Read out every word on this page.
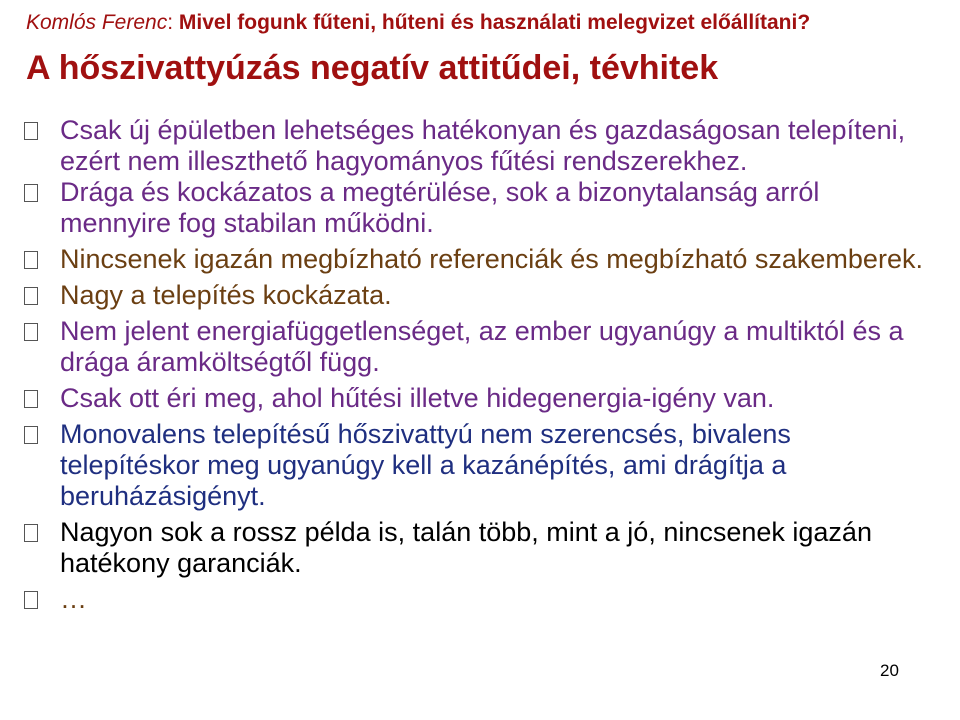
Komlós Ferenc: Mivel fogunk fűteni, hűteni és használati melegvizet előállítani?
A hőszivattyúzás negatív attitűdei, tévhitek
Csak új épületben lehetséges hatékonyan és gazdaságosan telepíteni, ezért nem illeszthető hagyományos fűtési rendszerekhez.
Drága és kockázatos a megtérülése, sok a bizonytalanság arról mennyire fog stabilan működni.
Nincsenek igazán megbízható referenciák és megbízható szakemberek.
Nagy a telepítés kockázata.
Nem jelent energiafüggetlenséget, az ember ugyanúgy a multiktól és a drága áramköltségtől függ.
Csak ott éri meg, ahol hűtési illetve hidegenergia-igény van.
Monovalens telepítésű hőszivattyú nem szerencsés, bivalens telepítéskor meg ugyanúgy kell a kazánépítés, ami drágítja a beruházásigényt.
Nagyon sok a rossz példa is, talán több, mint a jó, nincsenek igazán hatékony garanciák.
…
20
